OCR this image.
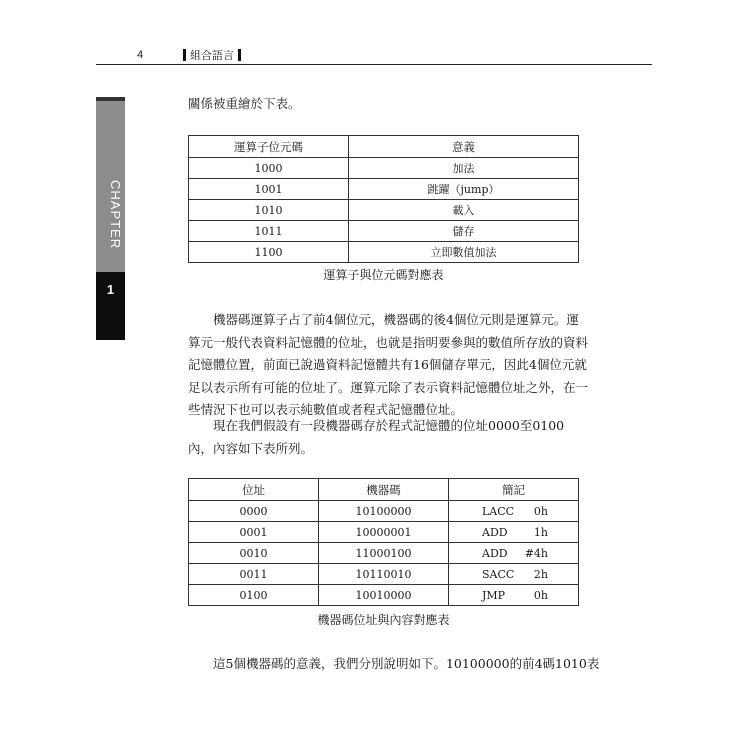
4	組合語言
CHAPTER
1
關係被重繪於下表。
運算子位元碼	意義
1000	加法
1001	跳躍（jump）
1010	載入
1011	儲存
1100	立即數值加法
運算子與位元碼對應表
機器碼運算子占了前4個位元，機器碼的後4個位元則是運算元。運算元一般代表資料記憶體的位址，也就是指明要參與的數值所存放的資料記憶體位置，前面已說過資料記憶體共有16個儲存單元，因此4個位元就足以表示所有可能的位址了。運算元除了表示資料記憶體位址之外，在一些情況下也可以表示純數值或者程式記憶體位址。
現在我們假設有一段機器碼存於程式記憶體的位址0000至0100內，內容如下表所列。
位址	機器碼	簡記
0000	10100000	LACC 0h

0001	10000001	ADD 1h

0010	11000100	ADD #4h

0011	10110010	SACC 2h

0100	10010000	JMP 0h
機器碼位址與內容對應表
這5個機器碼的意義，我們分別說明如下。10100000的前4碼1010表
